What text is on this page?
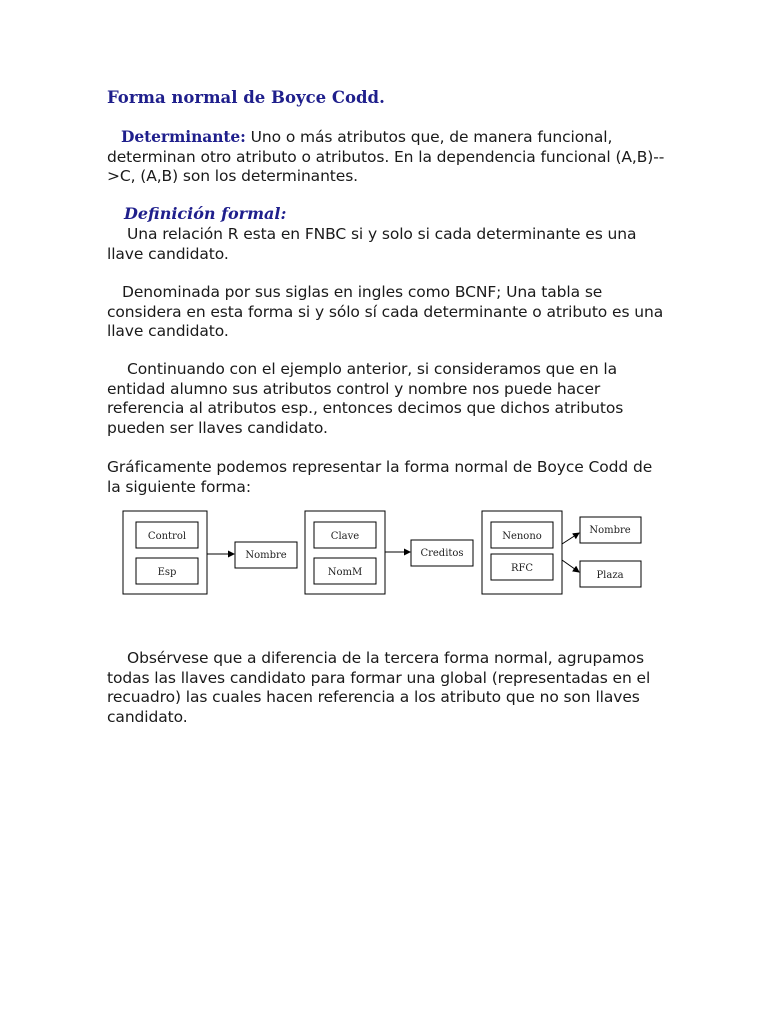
Forma normal de Boyce Codd.
Determinante: Uno o más atributos que, de manera funcional, determinan otro atributo o atributos. En la dependencia funcional (A,B)-->C, (A,B) son los determinantes.
Definición formal:
Una relación R esta en FNBC si y solo si cada determinante es una llave candidato.
Denominada por sus siglas en ingles como BCNF; Una tabla se considera en esta forma si y sólo sí cada determinante o atributo es una llave candidato.
Continuando con el ejemplo anterior, si consideramos que en la entidad alumno sus atributos control y nombre nos puede hacer referencia al atributos esp., entonces decimos que dichos atributos pueden ser llaves candidato.
Gráficamente podemos representar la forma normal de Boyce Codd de la siguiente forma:
Control
Esp
Nombre
Clave
NomM
Creditos
Nenono
RFC
Nombre
Plaza
Obsérvese que a diferencia de la tercera forma normal, agrupamos todas las llaves candidato para formar una global (representadas en el recuadro) las cuales hacen referencia a los atributo que no son llaves candidato.
